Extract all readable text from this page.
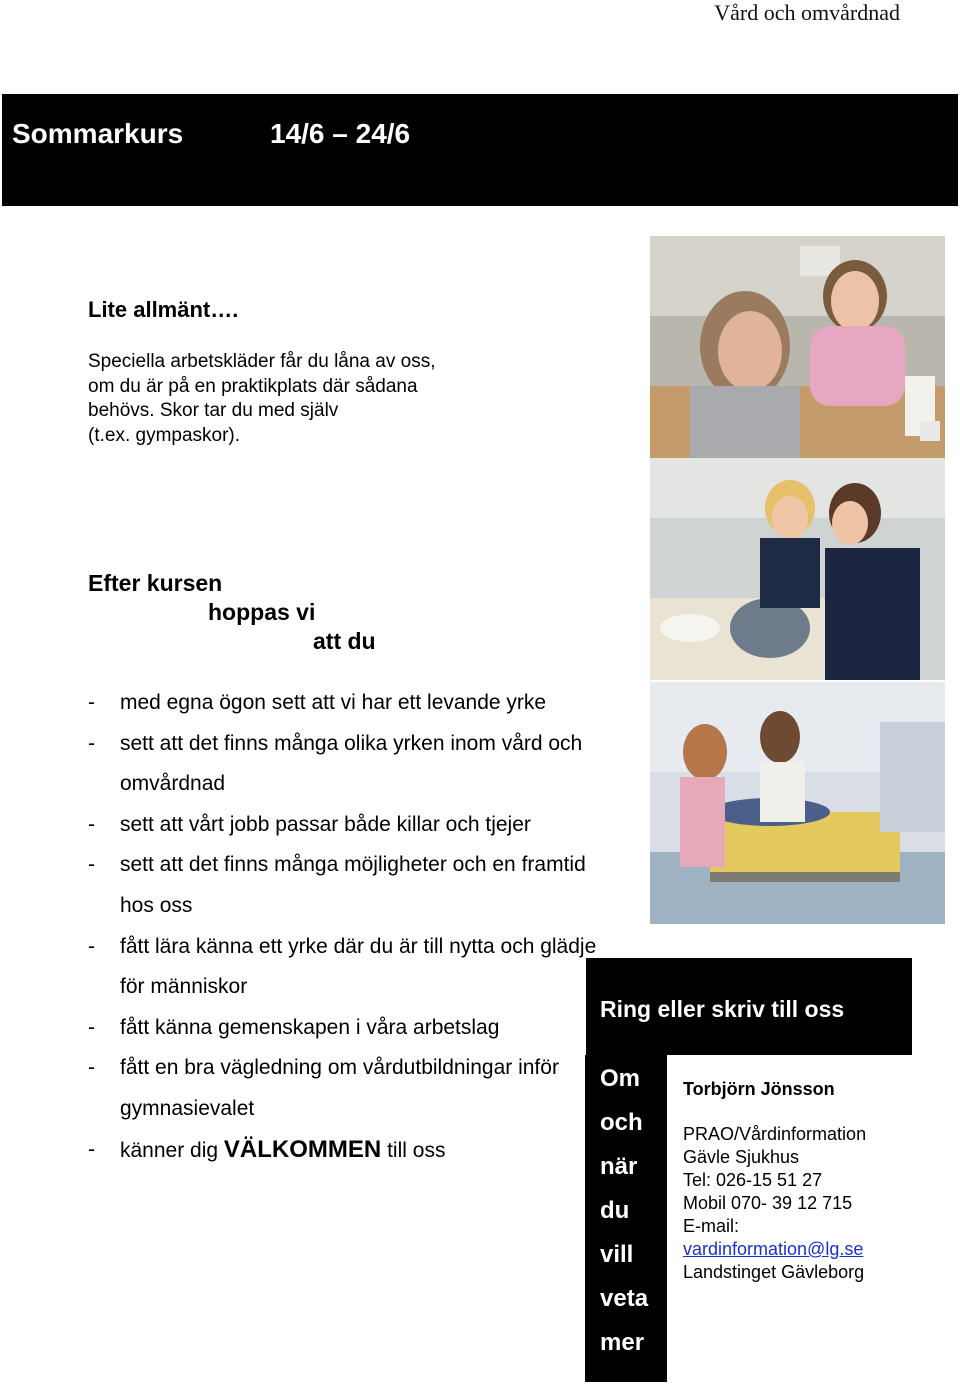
Vård och omvårdnad
Sommarkurs	14/6 – 24/6
Lite allmänt….
Speciella arbetskläder får du låna av oss,
om du är på en praktikplats där sådana
behövs. Skor tar du med själv
(t.ex. gympaskor).
Efter kursen
hoppas vi
att du
- med egna ögon sett att vi har ett levande yrke
- sett att det finns många olika yrken inom vård och omvårdnad
- sett att vårt jobb passar både killar och tjejer
- sett att det finns många möjligheter och en framtid hos oss
- fått lära känna ett yrke där du är till nytta och glädje för människor
- fått känna gemenskapen i våra arbetslag
- fått en bra vägledning om vårdutbildningar inför gymnasievalet
- känner dig VÄLKOMMEN till oss
Ring eller skriv till oss
Om
och
när
du
vill
veta
mer
Torbjörn Jönsson
PRAO/Vårdinformation
Gävle Sjukhus
Tel: 026-15 51 27
Mobil 070- 39 12 715
E-mail:
vardinformation@lg.se
Landstinget Gävleborg
